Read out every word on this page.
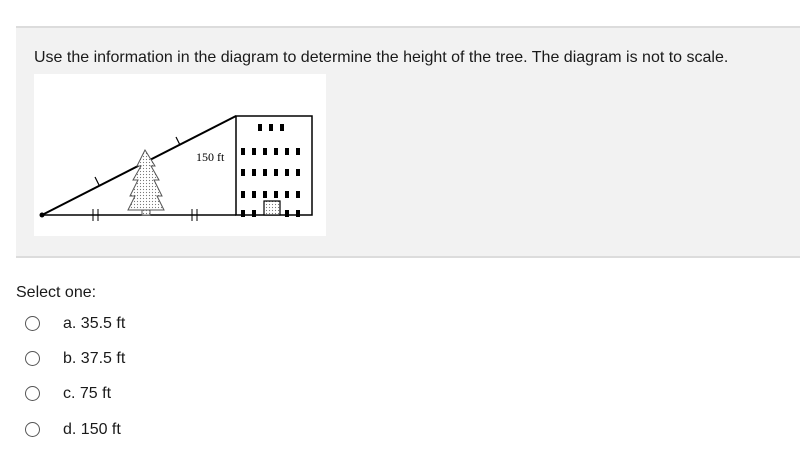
Use the information in the diagram to determine the height of the tree. The diagram is not to scale.
150 ft
Select one:
a. 35.5 ft
b. 37.5 ft
c. 75 ft
d. 150 ft
